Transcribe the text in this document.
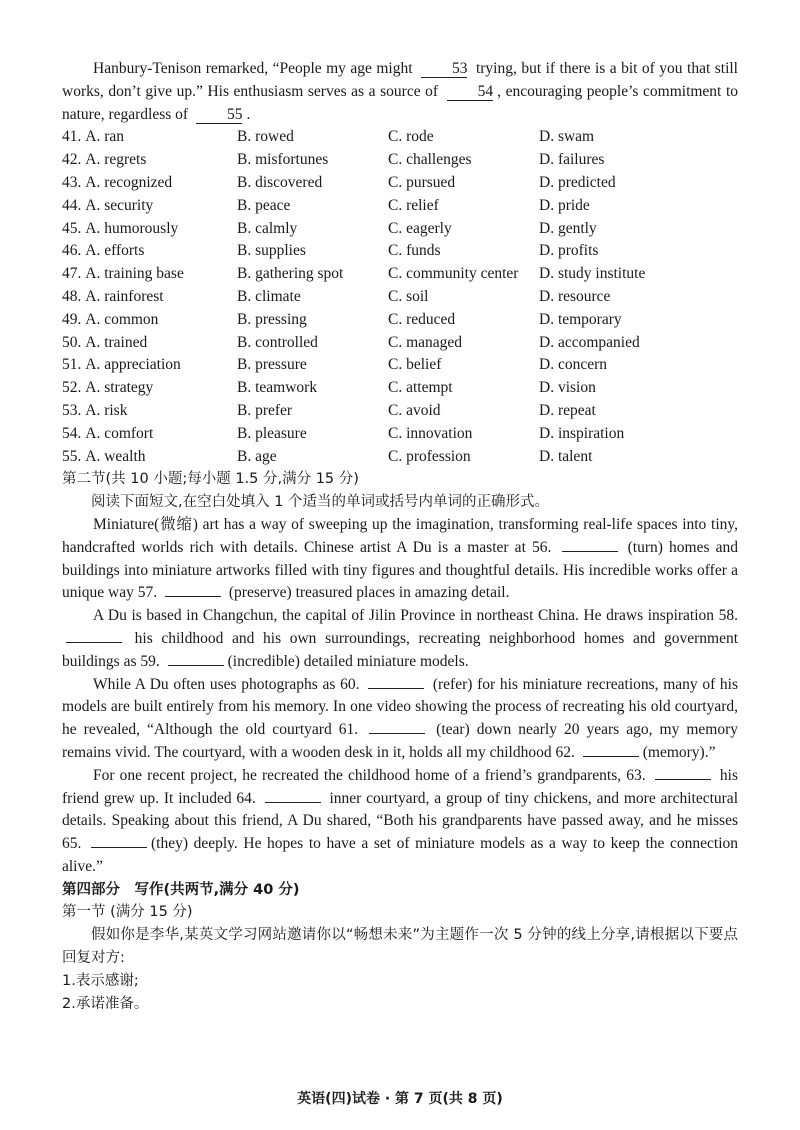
Hanbury-Tenison remarked, “People my age might	53 trying, but if there is a bit of you that still works, don’t give up.” His enthusiasm serves as a source of	54 , encouraging people’s commitment to nature, regardless of	55 .

41. A. ran	B. rowed	C. rode	D. swam
42. A. regrets	B. misfortunes	C. challenges	D. failures
43. A. recognized	B. discovered	C. pursued	D. predicted
44. A. security	B. peace	C. relief	D. pride
45. A. humorously	B. calmly	C. eagerly	D. gently
46. A. efforts	B. supplies	C. funds	D. profits
47. A. training base	B. gathering spot	C. community center	D. study institute
48. A. rainforest	B. climate	C. soil	D. resource
49. A. common	B. pressing	C. reduced	D. temporary
50. A. trained	B. controlled	C. managed	D. accompanied
51. A. appreciation	B. pressure	C. belief	D. concern
52. A. strategy	B. teamwork	C. attempt	D. vision
53. A. risk	B. prefer	C. avoid	D. repeat
54. A. comfort	B. pleasure	C. innovation	D. inspiration
55. A. wealth	B. age	C. profession	D. talent

第二节(共 10 小题;每小题 1.5 分,满分 15 分)

阅读下面短文,在空白处填入 1 个适当的单词或括号内单词的正确形式。

Miniature(微缩) art has a way of sweeping up the imagination, transforming real-life spaces into tiny, handcrafted worlds rich with details. Chinese artist A Du is a master at 56.	(turn) homes and buildings into miniature artworks filled with tiny figures and thoughtful details. His incredible works offer a unique way 57.	(preserve) treasured places in amazing detail.

A Du is based in Changchun, the capital of Jilin Province in northeast China. He draws inspiration 58.  his childhood and his own surroundings, recreating neighborhood homes and government buildings as 59.	(incredible) detailed miniature models.

While A Du often uses photographs as 60.	(refer) for his miniature recreations, many of his models are built entirely from his memory. In one video showing the process of recreating his old courtyard, he revealed, “Although the old courtyard 61.	(tear) down nearly 20 years ago, my memory remains vivid. The courtyard, with a wooden desk in it, holds all my childhood 62.	(memory).”

For one recent project, he recreated the childhood home of a friend’s grandparents, 63.	his friend grew up. It included 64.	inner courtyard, a group of tiny chickens, and more architectural details. Speaking about this friend, A Du shared, “Both his grandparents have passed away, and he misses 65.	(they) deeply. He hopes to have a set of miniature models as a way to keep the connection alive.”

第四部分　写作(共两节,满分 40 分)

第一节 (满分 15 分)

假如你是李华,某英文学习网站邀请你以“畅想未来”为主题作一次 5 分钟的线上分享,请根据以下要点回复对方:

1.表示感谢;

2.承诺准备。

英语(四)试卷 · 第 7 页(共 8 页)
